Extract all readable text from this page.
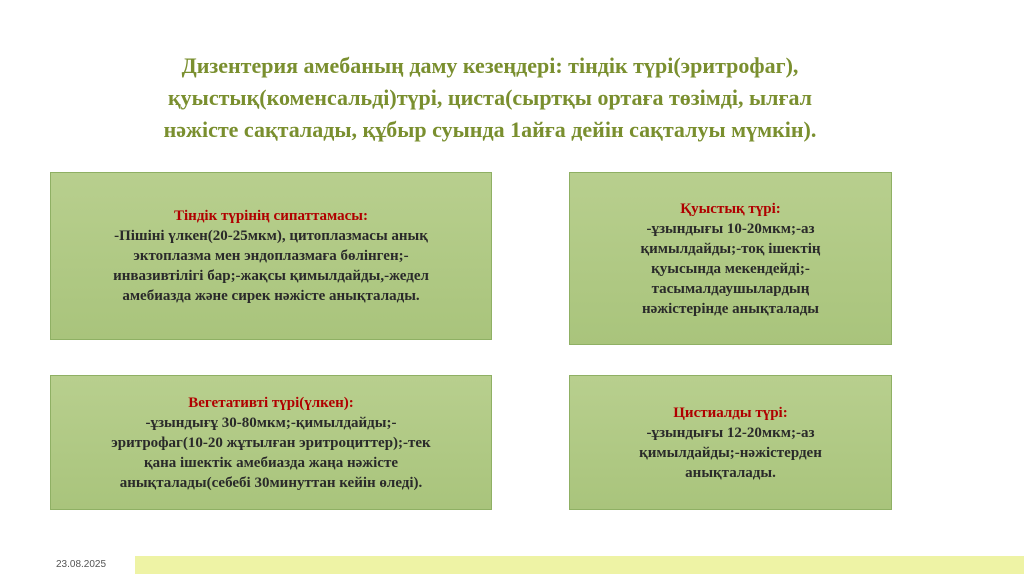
Дизентерия амебаның даму кезеңдері: тіндік түрі(эритрофаг),
қуыстық(коменсальді)түрі, циста(сыртқы ортаға төзімді, ылғал
нәжісте сақталады, құбыр суында 1айға дейін сақталуы мүмкін).
Тіндік түрінің сипаттамасы:
-Пішіні үлкен(20-25мкм), цитоплазмасы анық
эктоплазма мен эндоплазмаға бөлінген;-
инвазивтілігі бар;-жақсы қимылдайды,-жедел
амебиазда және сирек нәжісте анықталады.
Қуыстық түрі:
-ұзындығы 10-20мкм;-аз
қимылдайды;-тоқ ішектің
қуысында мекендейді;-
тасымалдаушылардың
нәжістерінде анықталады
Вегетативті түрі(үлкен):
-ұзындығұ 30-80мкм;-қимылдайды;-
эритрофаг(10-20 жұтылған эритроциттер);-тек
қана ішектік амебиазда жаңа нәжісте
анықталады(себебі 30минуттан кейін өледі).
Цистиалды түрі:
-ұзындығы 12-20мкм;-аз
қимылдайды;-нәжістерден
анықталады.
23.08.2025
